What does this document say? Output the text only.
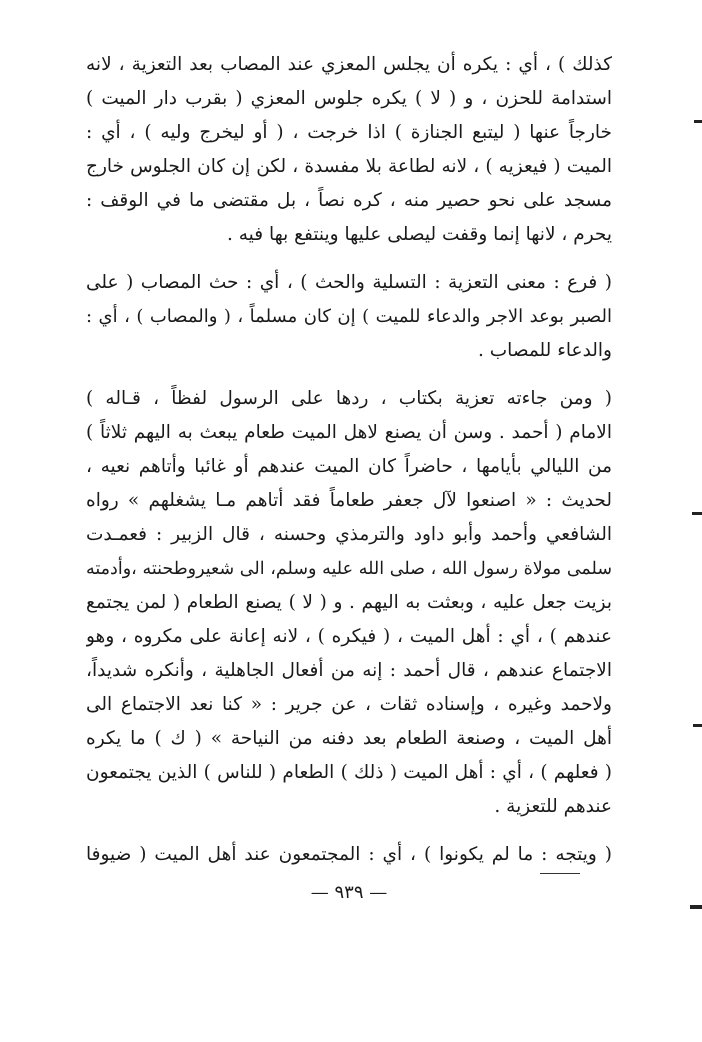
كذلك ) ، أي : يكره أن يجلس المعزي عند المصاب بعد التعزية ، لانه
استدامة للحزن ، و ( لا ) يكره جلوس المعزي ( بقرب دار الميت )
خارجاً عنها ( ليتبع الجنازة ) اذا خرجت ، ( أو ليخرج وليه ) ، أي :
الميت ( فيعزيه ) ، لانه لطاعة بلا مفسدة ، لكن إن كان الجلوس خارج
مسجد على نحو حصير منه ، كره نصاً ، بل مقتضى ما في الوقف :
يحرم ، لانها إنما وقفت ليصلى عليها وينتفع بها فيه .
( فرع : معنى التعزية : التسلية والحث ) ، أي : حث المصاب ( على
الصبر بوعد الاجر والدعاء للميت ) إن كان مسلماً ، ( والمصاب ) ، أي :
والدعاء للمصاب .
( ومن جاءته تعزية بكتاب ، ردها على الرسول لفظاً ، قـاله )
الامام ( أحمد . وسن أن يصنع لاهل الميت طعام يبعث به اليهم ثلاثاً )
من الليالي بأيامها ، حاضراً كان الميت عندهم أو غائبا وأتاهم نعيه ،
لحديث : « اصنعوا لآل جعفر طعاماً فقد أتاهم مـا يشغلهم » رواه
الشافعي وأحمد وأبو داود والترمذي وحسنه ، قال الزبير : فعمـدت
سلمى مولاة رسول الله ، صلى الله عليه وسلم، الى شعيروطحنته ،وأدمته
بزيت جعل عليه ، وبعثت به اليهم . و ( لا ) يصنع الطعام ( لمن يجتمع
عندهم ) ، أي : أهل الميت ، ( فيكره ) ، لانه إعانة على مكروه ، وهو
الاجتماع عندهم ، قال أحمد : إنه من أفعال الجاهلية ، وأنكره شديداً،
ولاحمد وغيره ، وإسناده ثقات ، عن جرير : « كنا نعد الاجتماع الى
أهل الميت ، وصنعة الطعام بعد دفنه من النياحة » ( ك ) ما يكره
( فعلهم ) ، أي : أهل الميت ( ذلك ) الطعام ( للناس ) الذين يجتمعون
عندهم للتعزية .
( ويتجه : ما لم يكونوا ) ، أي : المجتمعون عند أهل الميت ( ضيوفا
— ٩٣٩ —
